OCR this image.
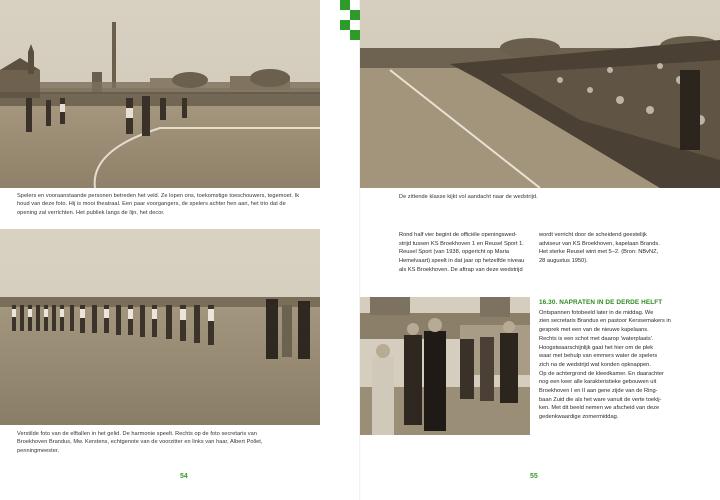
Spelers en vooraanstaande personen betreden het veld. Ze lopen ons, toekomstige toeschouwers, tegemoet. Ik

houd van deze foto. Hij is mooi theatraal. Een paar voorgangers, de spelers achter hen aan, het trio dat de

opening zal verrichten. Het publiek langs de lijn, het decor.

Verstilde foto van de elftallen in het gelid. De harmonie speelt. Rechts op de foto secretaris van

Broekhoven Brandus, Mw. Kerstens, echtgenote van de voorzitter en links van haar, Albert Pollet,

penningmeester.

54
De zittende klasse kijkt vol aandacht naar de wedstrijd.

Rond half vier begint de officiële openingswed-

strijd tussen KS Broekhoven 1 en Reusel Sport 1.

Reusel Sport (van 1938, opgericht op Maria

Hemelvaart) speelt in dat jaar op hetzelfde niveau

als KS Broekhoven. De aftrap van deze wedstrijd

wordt verricht door de scheidend geestelijk

adviseur van KS Broekhoven, kapelaan Brands.

Het sterke Reusel wint met 5–2. (Bron: NBvNZ,

28 augustus 1950).

16.30. NAPRATEN IN DE DERDE HELFT

Ontspannen fotobeeld later in de middag. We

zien secretaris Brandus en pastoor Kerssemakers in

gesprek met een van de nieuwe kapelaans.

Rechts is een schot met daarop 'waterplaats'.

Hoogstwaarschijnlijk gaat het hier om de plek

waar met behulp van emmers water de spelers

zich na de wedstrijd wat konden opknappen.

Op de achtergrond de kleedkamer. En daarachter

nog een keer alle karakteristieke gebouwen uit

Broekhoven I en II aan gene zijde van de Ring-

baan Zuid die als het ware vanuit de verte toekij-

ken. Met dit beeld nemen we afscheid van deze

gedenkwaardige zomermiddag.

55
